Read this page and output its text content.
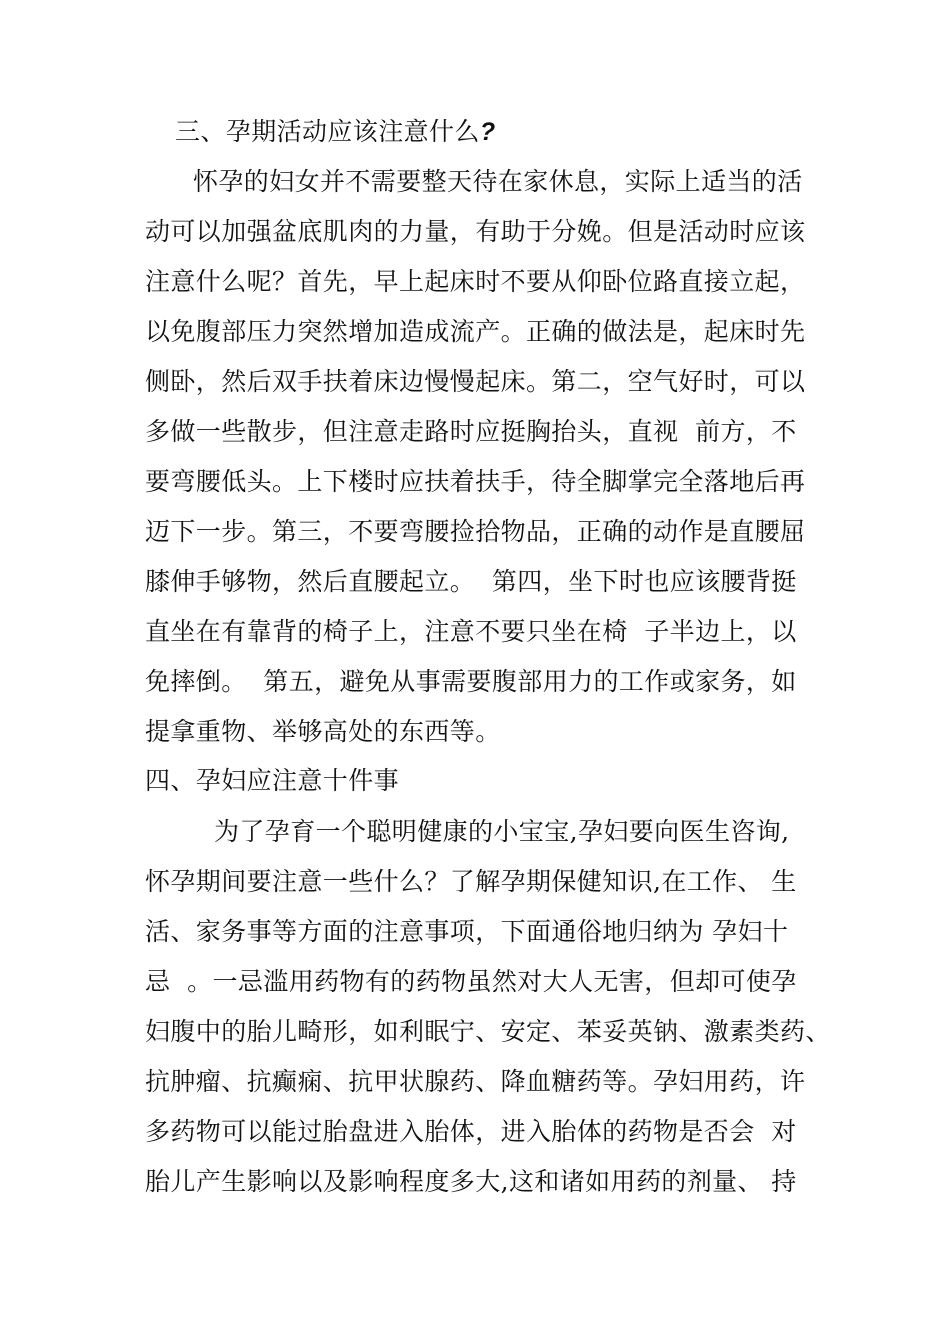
三、孕期活动应该注意什么?
怀孕的妇女并不需要整天待在家休息，实际上适当的活
动可以加强盆底肌肉的力量，有助于分娩。但是活动时应该
注意什么呢？首先，早上起床时不要从仰卧位路直接立起，
以免腹部压力突然增加造成流产。正确的做法是，起床时先
侧卧，然后双手扶着床边慢慢起床。第二，空气好时，可以
多做一些散步，但注意走路时应挺胸抬头，直视  前方，不
要弯腰低头。上下楼时应扶着扶手，待全脚掌完全落地后再
迈下一步。第三，不要弯腰捡拾物品，正确的动作是直腰屈
膝伸手够物，然后直腰起立。  第四，坐下时也应该腰背挺
直坐在有靠背的椅子上，注意不要只坐在椅  子半边上，以
免摔倒。  第五，避免从事需要腹部用力的工作或家务，如
提拿重物、举够高处的东西等。
四、孕妇应注意十件事
为了孕育一个聪明健康的小宝宝,孕妇要向医生咨询,
怀孕期间要注意一些什么？了解孕期保健知识,在工作、 生
活、家务事等方面的注意事项，下面通俗地归纳为 孕妇十
忌  。一忌滥用药物有的药物虽然对大人无害，但却可使孕
妇腹中的胎儿畸形，如利眠宁、安定、苯妥英钠、激素类药、
抗肿瘤、抗癫痫、抗甲状腺药、降血糖药等。孕妇用药，许
多药物可以能过胎盘进入胎体，进入胎体的药物是否会  对
胎儿产生影响以及影响程度多大,这和诸如用药的剂量、 持
